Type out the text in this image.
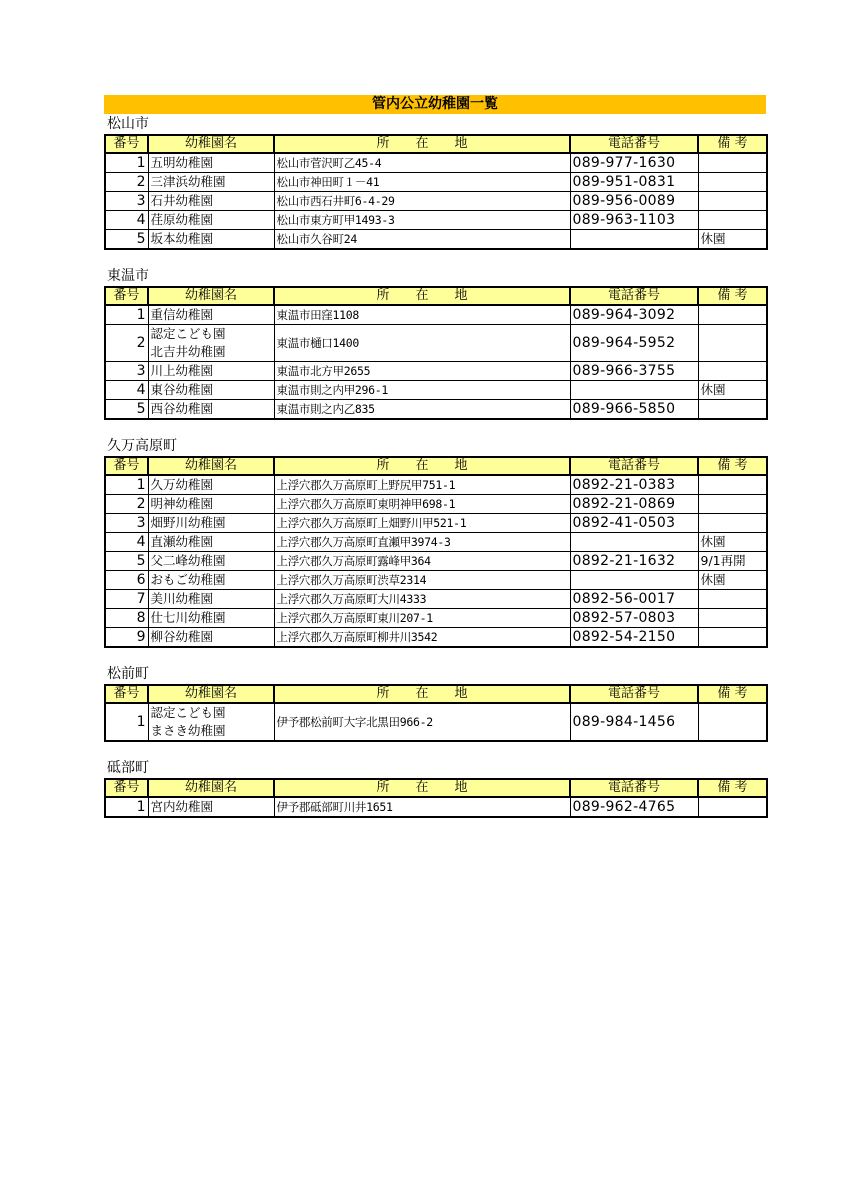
管内公立幼稚園一覧
松山市
番号	幼稚園名	所　　在　　地	電話番号	備 考
1	五明幼稚園	松山市菅沢町乙45-4	089-977-1630	
2	三津浜幼稚園	松山市神田町１－41	089-951-0831	
3	石井幼稚園	松山市西石井町6-4-29	089-956-0089	
4	荏原幼稚園	松山市東方町甲1493-3	089-963-1103	
5	坂本幼稚園	松山市久谷町24		休園
東温市
番号	幼稚園名	所　　在　　地	電話番号	備 考
1	重信幼稚園	東温市田窪1108	089-964-3092	
2	認定こども園
北吉井幼稚園	東温市樋口1400	089-964-5952	
3	川上幼稚園	東温市北方甲2655	089-966-3755	
4	東谷幼稚園	東温市則之内甲296-1		休園
5	西谷幼稚園	東温市則之内乙835	089-966-5850	
久万高原町
番号	幼稚園名	所　　在　　地	電話番号	備 考
1	久万幼稚園	上浮穴郡久万高原町上野尻甲751-1	0892-21-0383	
2	明神幼稚園	上浮穴郡久万高原町東明神甲698-1	0892-21-0869	
3	畑野川幼稚園	上浮穴郡久万高原町上畑野川甲521-1	0892-41-0503	
4	直瀬幼稚園	上浮穴郡久万高原町直瀬甲3974-3		休園
5	父二峰幼稚園	上浮穴郡久万高原町露峰甲364	0892-21-1632	9/1再開
6	おもご幼稚園	上浮穴郡久万高原町渋草2314		休園
7	美川幼稚園	上浮穴郡久万高原町大川4333	0892-56-0017	
8	仕七川幼稚園	上浮穴郡久万高原町東川207-1	0892-57-0803	
9	柳谷幼稚園	上浮穴郡久万高原町柳井川3542	0892-54-2150	
松前町
番号	幼稚園名	所　　在　　地	電話番号	備 考
1	認定こども園
まさき幼稚園	伊予郡松前町大字北黒田966-2	089-984-1456	
砥部町
番号	幼稚園名	所　　在　　地	電話番号	備 考
1	宮内幼稚園	伊予郡砥部町川井1651	089-962-4765	
